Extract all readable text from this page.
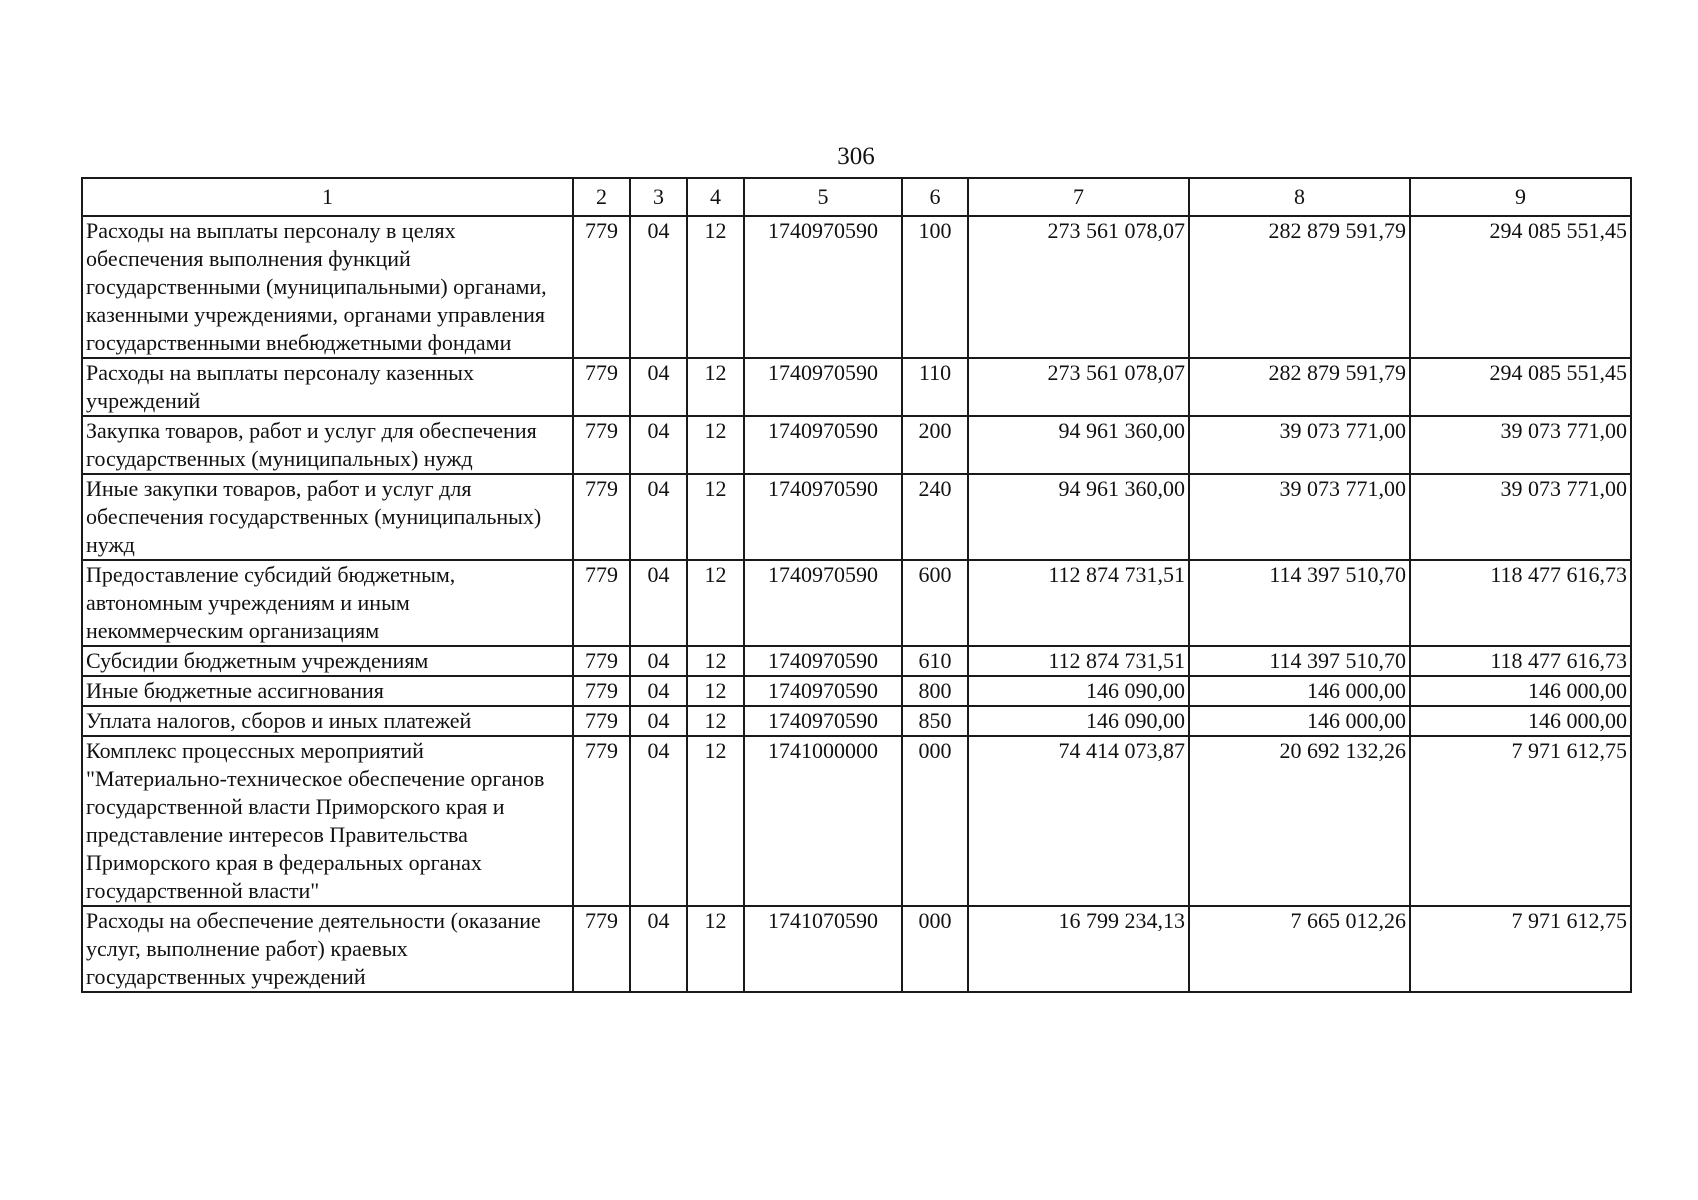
306
1	2	3	4	5	6	7	8	9
Расходы на выплаты персоналу в целях обеспечения выполнения функций государственными (муниципальными) органами, казенными учреждениями, органами управления государственными внебюджетными фондами	779	04	12	1740970590	100	273 561 078,07	282 879 591,79	294 085 551,45
Расходы на выплаты персоналу казенных учреждений	779	04	12	1740970590	110	273 561 078,07	282 879 591,79	294 085 551,45
Закупка товаров, работ и услуг для обеспечения государственных (муниципальных) нужд	779	04	12	1740970590	200	94 961 360,00	39 073 771,00	39 073 771,00
Иные закупки товаров, работ и услуг для обеспечения государственных (муниципальных) нужд	779	04	12	1740970590	240	94 961 360,00	39 073 771,00	39 073 771,00
Предоставление субсидий бюджетным, автономным учреждениям и иным некоммерческим организациям	779	04	12	1740970590	600	112 874 731,51	114 397 510,70	118 477 616,73
Субсидии бюджетным учреждениям	779	04	12	1740970590	610	112 874 731,51	114 397 510,70	118 477 616,73
Иные бюджетные ассигнования	779	04	12	1740970590	800	146 090,00	146 000,00	146 000,00
Уплата налогов, сборов и иных платежей	779	04	12	1740970590	850	146 090,00	146 000,00	146 000,00
Комплекс процессных мероприятий "Материально-техническое обеспечение органов государственной власти Приморского края и представление интересов Правительства Приморского края в федеральных органах государственной власти"	779	04	12	1741000000	000	74 414 073,87	20 692 132,26	7 971 612,75
Расходы на обеспечение деятельности (оказание услуг, выполнение работ) краевых государственных учреждений	779	04	12	1741070590	000	16 799 234,13	7 665 012,26	7 971 612,75
